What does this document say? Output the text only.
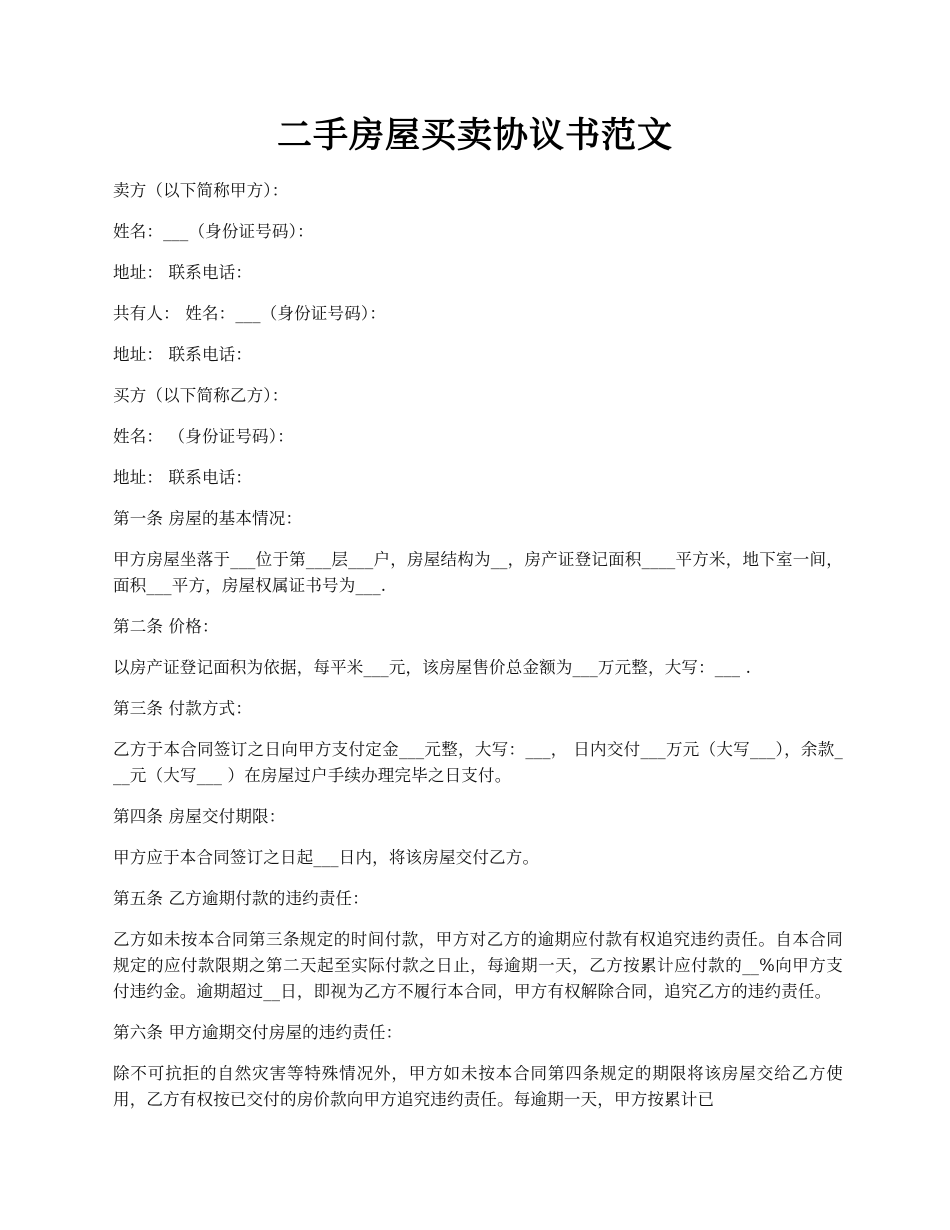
二手房屋买卖协议书范文

卖方（以下简称甲方）：

姓名：___（身份证号码）：

地址： 联系电话：

共有人： 姓名：___（身份证号码）：

地址： 联系电话：

买方（以下简称乙方）：

姓名： （身份证号码）：

地址： 联系电话：

第一条 房屋的基本情况：

甲方房屋坐落于___位于第___层___户，房屋结构为__，房产证登记面积____平方米，地下室一间，面积___平方，房屋权属证书号为___.

第二条 价格：

以房产证登记面积为依据，每平米___元，该房屋售价总金额为___万元整，大写：___ .

第三条 付款方式：

乙方于本合同签订之日向甲方支付定金___元整，大写：___， 日内交付___万元（大写___），余款___元（大写___ ）在房屋过户手续办理完毕之日支付。

第四条 房屋交付期限：

甲方应于本合同签订之日起___日内，将该房屋交付乙方。

第五条 乙方逾期付款的违约责任：

乙方如未按本合同第三条规定的时间付款，甲方对乙方的逾期应付款有权追究违约责任。自本合同规定的应付款限期之第二天起至实际付款之日止，每逾期一天，乙方按累计应付款的__%向甲方支付违约金。逾期超过__日，即视为乙方不履行本合同，甲方有权解除合同，追究乙方的违约责任。

第六条 甲方逾期交付房屋的违约责任：

除不可抗拒的自然灾害等特殊情况外，甲方如未按本合同第四条规定的期限将该房屋交给乙方使用，乙方有权按已交付的房价款向甲方追究违约责任。每逾期一天，甲方按累计已
